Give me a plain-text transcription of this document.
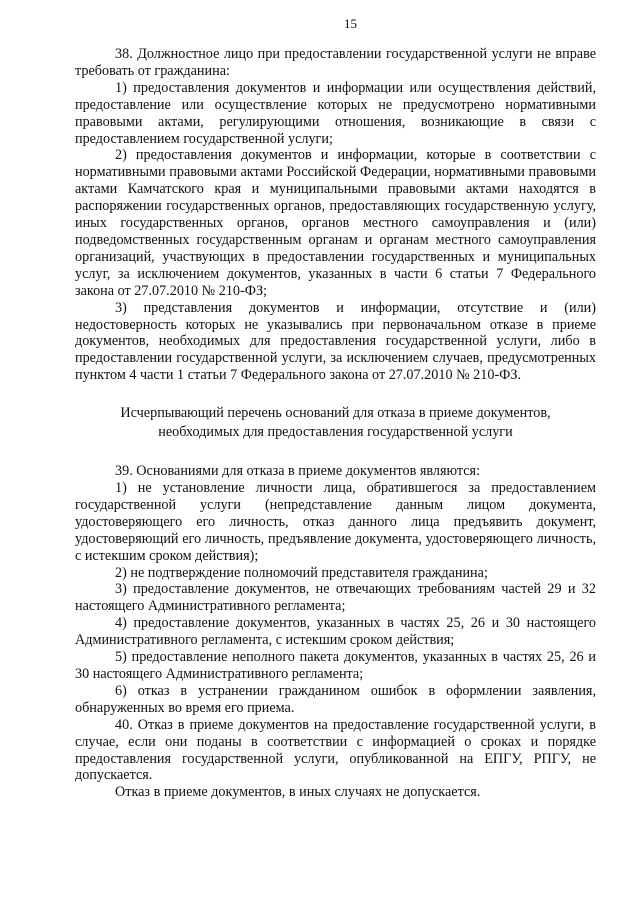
15

38. Должностное лицо при предоставлении государственной услуги не вправе требовать от гражданина:

1) предоставления документов и информации или осуществления действий, предоставление или осуществление которых не предусмотрено нормативными правовыми актами, регулирующими отношения, возникающие в связи с предоставлением государственной услуги;

2) предоставления документов и информации, которые в соответствии с нормативными правовыми актами Российской Федерации, нормативными правовыми актами Камчатского края и муниципальными правовыми актами находятся в распоряжении государственных органов, предоставляющих государственную услугу, иных государственных органов, органов местного самоуправления и (или) подведомственных государственным органам и органам местного самоуправления организаций, участвующих в предоставлении государственных и муниципальных услуг, за исключением документов, указанных в части 6 статьи 7 Федерального закона от 27.07.2010 № 210-ФЗ;

3) представления документов и информации, отсутствие и (или) недостоверность которых не указывались при первоначальном отказе в приеме документов, необходимых для предоставления государственной услуги, либо в предоставлении государственной услуги, за исключением случаев, предусмотренных пунктом 4 части 1 статьи 7 Федерального закона от 27.07.2010 № 210-ФЗ.

Исчерпывающий перечень оснований для отказа в приеме документов,
необходимых для предоставления государственной услуги

39. Основаниями для отказа в приеме документов являются:

1) не установление личности лица, обратившегося за предоставлением государственной услуги (непредставление данным лицом документа, удостоверяющего его личность, отказ данного лица предъявить документ, удостоверяющий его личность, предъявление документа, удостоверяющего личность, с истекшим сроком действия);

2) не подтверждение полномочий представителя гражданина;

3) предоставление документов, не отвечающих требованиям частей 29 и 32 настоящего Административного регламента;

4) предоставление документов, указанных в частях 25, 26 и 30 настоящего Административного регламента, с истекшим сроком действия;

5) предоставление неполного пакета документов, указанных в частях 25, 26 и 30 настоящего Административного регламента;

6) отказ в устранении гражданином ошибок в оформлении заявления, обнаруженных во время его приема.

40. Отказ в приеме документов на предоставление государственной услуги, в случае, если они поданы в соответствии с информацией о сроках и порядке предоставления государственной услуги, опубликованной на ЕПГУ, РПГУ, не допускается.

Отказ в приеме документов, в иных случаях не допускается.
